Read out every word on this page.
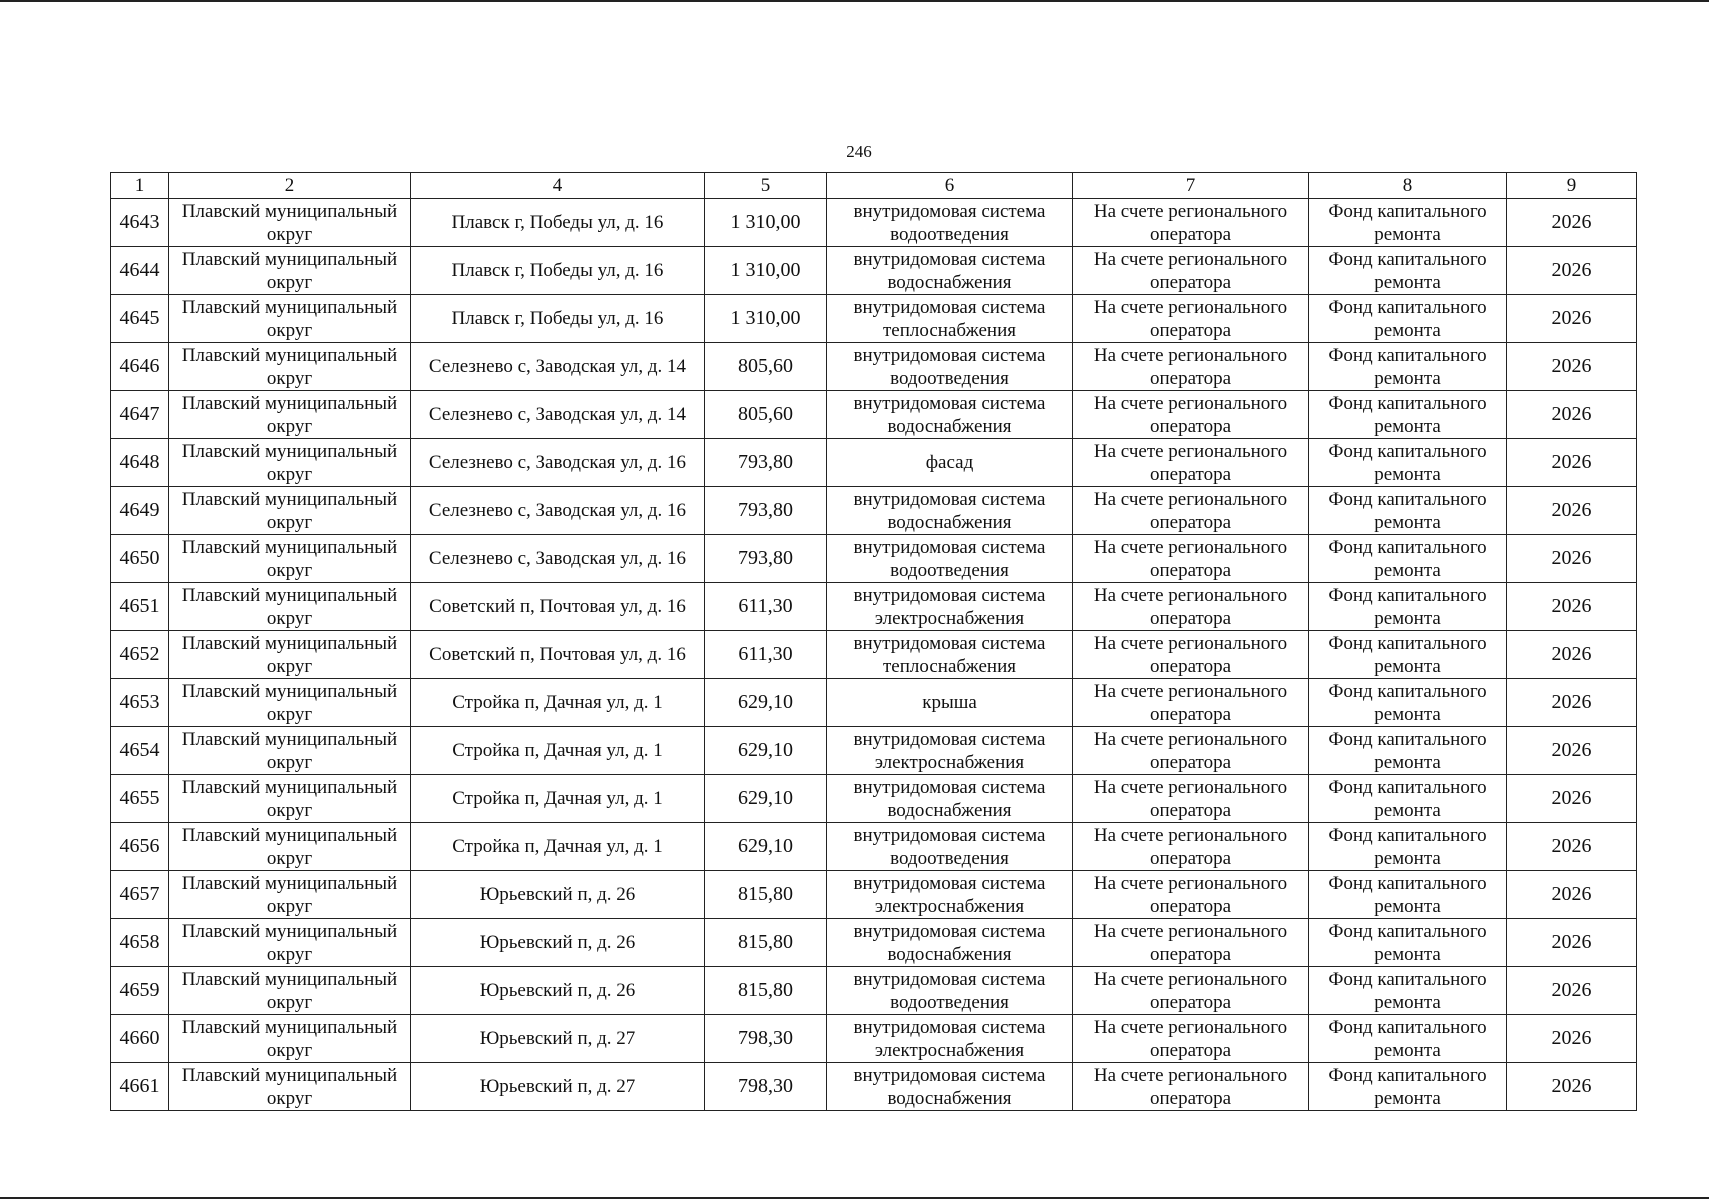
246
1	2	4	5	6	7	8	9
4643	Плавский муниципальный округ	Плавск г, Победы ул, д. 16	1 310,00	внутридомовая система водоотведения	На счете регионального оператора	Фонд капитального ремонта	2026
4644	Плавский муниципальный округ	Плавск г, Победы ул, д. 16	1 310,00	внутридомовая система водоснабжения	На счете регионального оператора	Фонд капитального ремонта	2026
4645	Плавский муниципальный округ	Плавск г, Победы ул, д. 16	1 310,00	внутридомовая система теплоснабжения	На счете регионального оператора	Фонд капитального ремонта	2026
4646	Плавский муниципальный округ	Селезнево с, Заводская ул, д. 14	805,60	внутридомовая система водоотведения	На счете регионального оператора	Фонд капитального ремонта	2026
4647	Плавский муниципальный округ	Селезнево с, Заводская ул, д. 14	805,60	внутридомовая система водоснабжения	На счете регионального оператора	Фонд капитального ремонта	2026
4648	Плавский муниципальный округ	Селезнево с, Заводская ул, д. 16	793,80	фасад	На счете регионального оператора	Фонд капитального ремонта	2026
4649	Плавский муниципальный округ	Селезнево с, Заводская ул, д. 16	793,80	внутридомовая система водоснабжения	На счете регионального оператора	Фонд капитального ремонта	2026
4650	Плавский муниципальный округ	Селезнево с, Заводская ул, д. 16	793,80	внутридомовая система водоотведения	На счете регионального оператора	Фонд капитального ремонта	2026
4651	Плавский муниципальный округ	Советский п, Почтовая ул, д. 16	611,30	внутридомовая система электроснабжения	На счете регионального оператора	Фонд капитального ремонта	2026
4652	Плавский муниципальный округ	Советский п, Почтовая ул, д. 16	611,30	внутридомовая система теплоснабжения	На счете регионального оператора	Фонд капитального ремонта	2026
4653	Плавский муниципальный округ	Стройка п, Дачная ул, д. 1	629,10	крыша	На счете регионального оператора	Фонд капитального ремонта	2026
4654	Плавский муниципальный округ	Стройка п, Дачная ул, д. 1	629,10	внутридомовая система электроснабжения	На счете регионального оператора	Фонд капитального ремонта	2026
4655	Плавский муниципальный округ	Стройка п, Дачная ул, д. 1	629,10	внутридомовая система водоснабжения	На счете регионального оператора	Фонд капитального ремонта	2026
4656	Плавский муниципальный округ	Стройка п, Дачная ул, д. 1	629,10	внутридомовая система водоотведения	На счете регионального оператора	Фонд капитального ремонта	2026
4657	Плавский муниципальный округ	Юрьевский п, д. 26	815,80	внутридомовая система электроснабжения	На счете регионального оператора	Фонд капитального ремонта	2026
4658	Плавский муниципальный округ	Юрьевский п, д. 26	815,80	внутридомовая система водоснабжения	На счете регионального оператора	Фонд капитального ремонта	2026
4659	Плавский муниципальный округ	Юрьевский п, д. 26	815,80	внутридомовая система водоотведения	На счете регионального оператора	Фонд капитального ремонта	2026
4660	Плавский муниципальный округ	Юрьевский п, д. 27	798,30	внутридомовая система электроснабжения	На счете регионального оператора	Фонд капитального ремонта	2026
4661	Плавский муниципальный округ	Юрьевский п, д. 27	798,30	внутридомовая система водоснабжения	На счете регионального оператора	Фонд капитального ремонта	2026
